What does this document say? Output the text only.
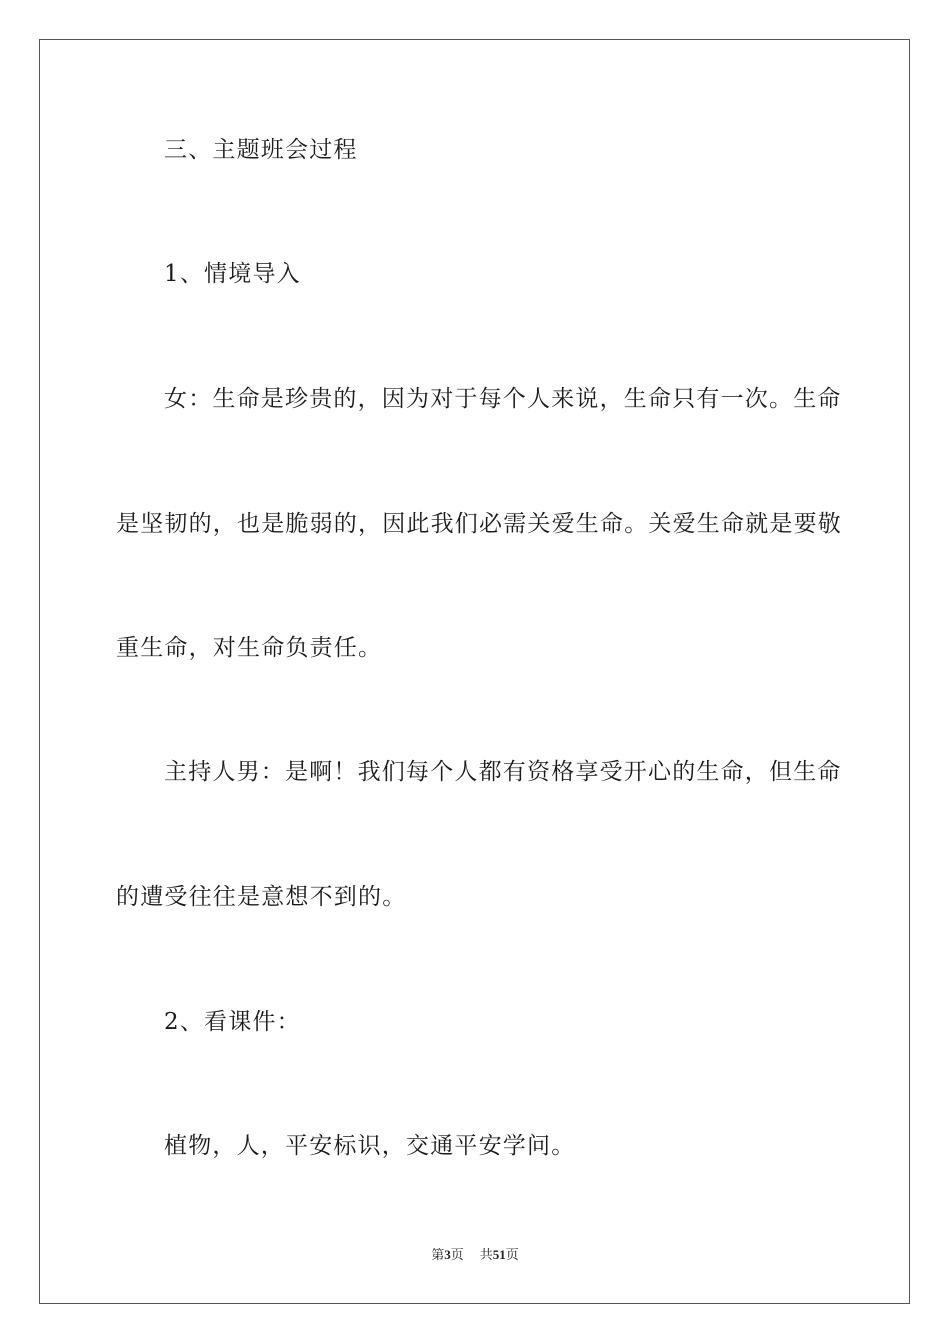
三、主题班会过程
1、情境导入
女：生命是珍贵的，因为对于每个人来说，生命只有一次。生命
是坚韧的，也是脆弱的，因此我们必需关爱生命。关爱生命就是要敬
重生命，对生命负责任。
主持人男：是啊！我们每个人都有资格享受开心的生命，但生命
的遭受往往是意想不到的。
2、看课件：
植物，人，平安标识，交通平安学问。
第3页 共51页
